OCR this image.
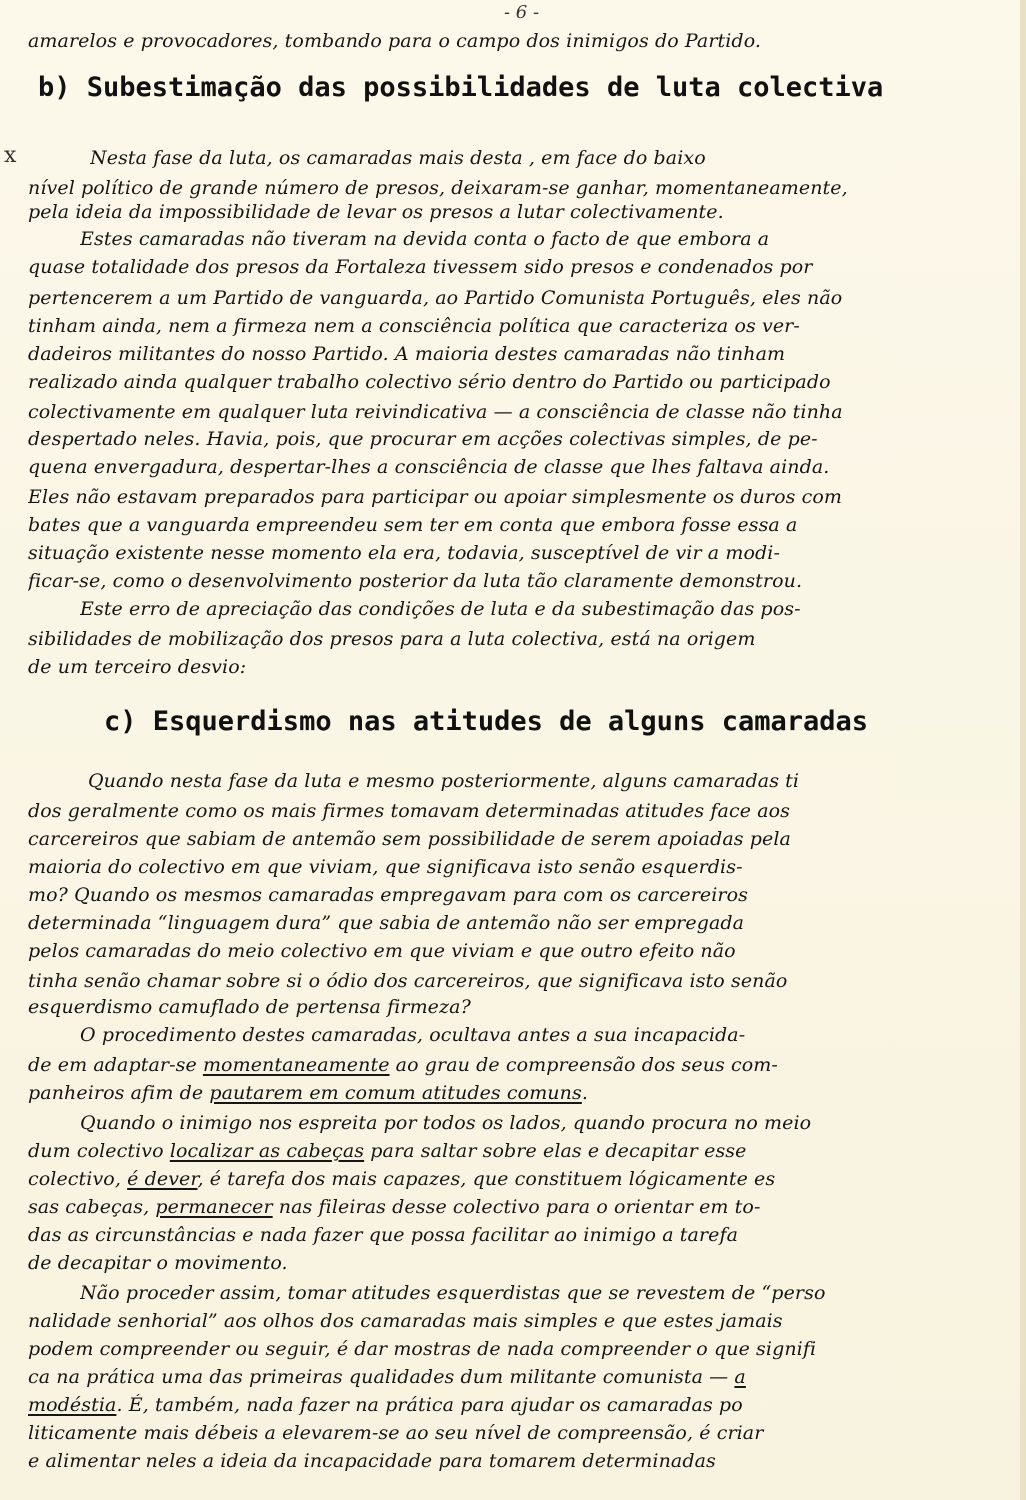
- 6 -
x
amarelos e provocadores, tombando para o campo dos inimigos do Partido.
b) Subestimação das possibilidades de luta colectiva
Nesta fase da luta, os camaradas mais desta , em face do baixo
nível político de grande número de presos, deixaram-se ganhar, momentaneamente,
pela ideia da impossibilidade de levar os presos a lutar colectivamente.
Estes camaradas não tiveram na devida conta o facto de que embora a
quase totalidade dos presos da Fortaleza tivessem sido presos e condenados por
pertencerem a um Partido de vanguarda, ao Partido Comunista Português, eles não
tinham ainda, nem a firmeza nem a consciência política que caracteriza os ver-
dadeiros militantes do nosso Partido. A maioria destes camaradas não tinham
realizado ainda qualquer trabalho colectivo sério dentro do Partido ou participado
colectivamente em qualquer luta reivindicativa — a consciência de classe não tinha
despertado neles. Havia, pois, que procurar em acções colectivas simples, de pe-
quena envergadura, despertar-lhes a consciência de classe que lhes faltava ainda.
Eles não estavam preparados para participar ou apoiar simplesmente os duros com
bates que a vanguarda empreendeu sem ter em conta que embora fosse essa a
situação existente nesse momento ela era, todavia, susceptível de vir a modi-
ficar-se, como o desenvolvimento posterior da luta tão claramente demonstrou.
Este erro de apreciação das condições de luta e da subestimação das pos-
sibilidades de mobilização dos presos para a luta colectiva, está na origem
de um terceiro desvio:
c) Esquerdismo nas atitudes de alguns camaradas
Quando nesta fase da luta e mesmo posteriormente, alguns camaradas ti
dos geralmente como os mais firmes tomavam determinadas atitudes face aos
carcereiros que sabiam de antemão sem possibilidade de serem apoiadas pela
maioria do colectivo em que viviam, que significava isto senão esquerdis-
mo? Quando os mesmos camaradas empregavam para com os carcereiros
determinada “linguagem dura” que sabia de antemão não ser empregada
pelos camaradas do meio colectivo em que viviam e que outro efeito não
tinha senão chamar sobre si o ódio dos carcereiros, que significava isto senão
esquerdismo camuflado de pertensa firmeza?
O procedimento destes camaradas, ocultava antes a sua incapacida-
de em adaptar-se momentaneamente ao grau de compreensão dos seus com-
panheiros afim de pautarem em comum atitudes comuns.
Quando o inimigo nos espreita por todos os lados, quando procura no meio
dum colectivo localizar as cabeças para saltar sobre elas e decapitar esse
colectivo, é dever, é tarefa dos mais capazes, que constituem lógicamente es
sas cabeças, permanecer nas fileiras desse colectivo para o orientar em to-
das as circunstâncias e nada fazer que possa facilitar ao inimigo a tarefa
de decapitar o movimento.
Não proceder assim, tomar atitudes esquerdistas que se revestem de “perso
nalidade senhorial” aos olhos dos camaradas mais simples e que estes jamais
podem compreender ou seguir, é dar mostras de nada compreender o que signifi
ca na prática uma das primeiras qualidades dum militante comunista — a
modéstia. É, também, nada fazer na prática para ajudar os camaradas po
liticamente mais débeis a elevarem-se ao seu nível de compreensão, é criar
e alimentar neles a ideia da incapacidade para tomarem determinadas
